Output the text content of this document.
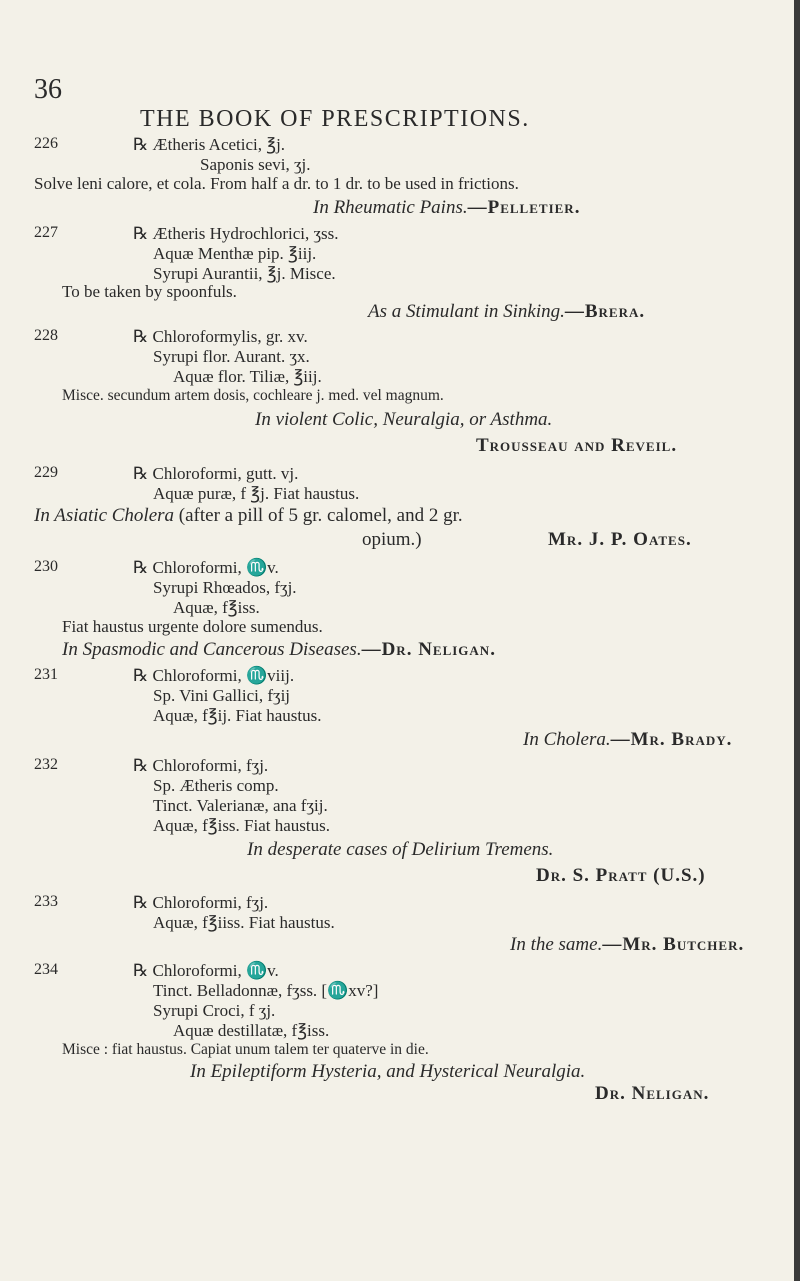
36
THE BOOK OF PRESCRIPTIONS.
226	℞ Ætheris Acetici, ℥j.
Saponis sevi, ʒj.
Solve leni calore, et cola. From half a dr. to 1 dr. to be used in frictions.
In Rheumatic Pains.—Pelletier.
227	℞ Ætheris Hydrochlorici, ʒss.
Aquæ Menthæ pip. ℥iij.
Syrupi Aurantii, ℥j. Misce.
To be taken by spoonfuls.
As a Stimulant in Sinking.—Brera.
228	℞ Chloroformylis, gr. xv.
Syrupi flor. Aurant. ʒx.
Aquæ flor. Tiliæ, ℥iij.
Misce. secundum artem dosis, cochleare j. med. vel magnum.
In violent Colic, Neuralgia, or Asthma.
Trousseau and Reveil.
229	℞ Chloroformi, gutt. vj.
Aquæ puræ, f ℥j. Fiat haustus.
In Asiatic Cholera (after a pill of 5 gr. calomel, and 2 gr.
opium.)	Mr. J. P. Oates.
230	℞ Chloroformi, ♏v.
Syrupi Rhœados, fʒj.
Aquæ, f℥iss.
Fiat haustus urgente dolore sumendus.
In Spasmodic and Cancerous Diseases.—Dr. Neligan.
231	℞ Chloroformi, ♏viij.
Sp. Vini Gallici, fʒij
Aquæ, f℥ij. Fiat haustus.
In Cholera.—Mr. Brady.
232	℞ Chloroformi, fʒj.
Sp. Ætheris comp.
Tinct. Valerianæ, ana fʒij.
Aquæ, f℥iss. Fiat haustus.
In desperate cases of Delirium Tremens.
Dr. S. Pratt (U.S.)
233	℞ Chloroformi, fʒj.
Aquæ, f℥iiss. Fiat haustus.
In the same.—Mr. Butcher.
234	℞ Chloroformi, ♏v.
Tinct. Belladonnæ, fʒss. [♏xv?]
Syrupi Croci, f ʒj.
Aquæ destillatæ, f℥iss.
Misce : fiat haustus. Capiat unum talem ter quaterve in die.
In Epileptiform Hysteria, and Hysterical Neuralgia.
Dr. Neligan.
